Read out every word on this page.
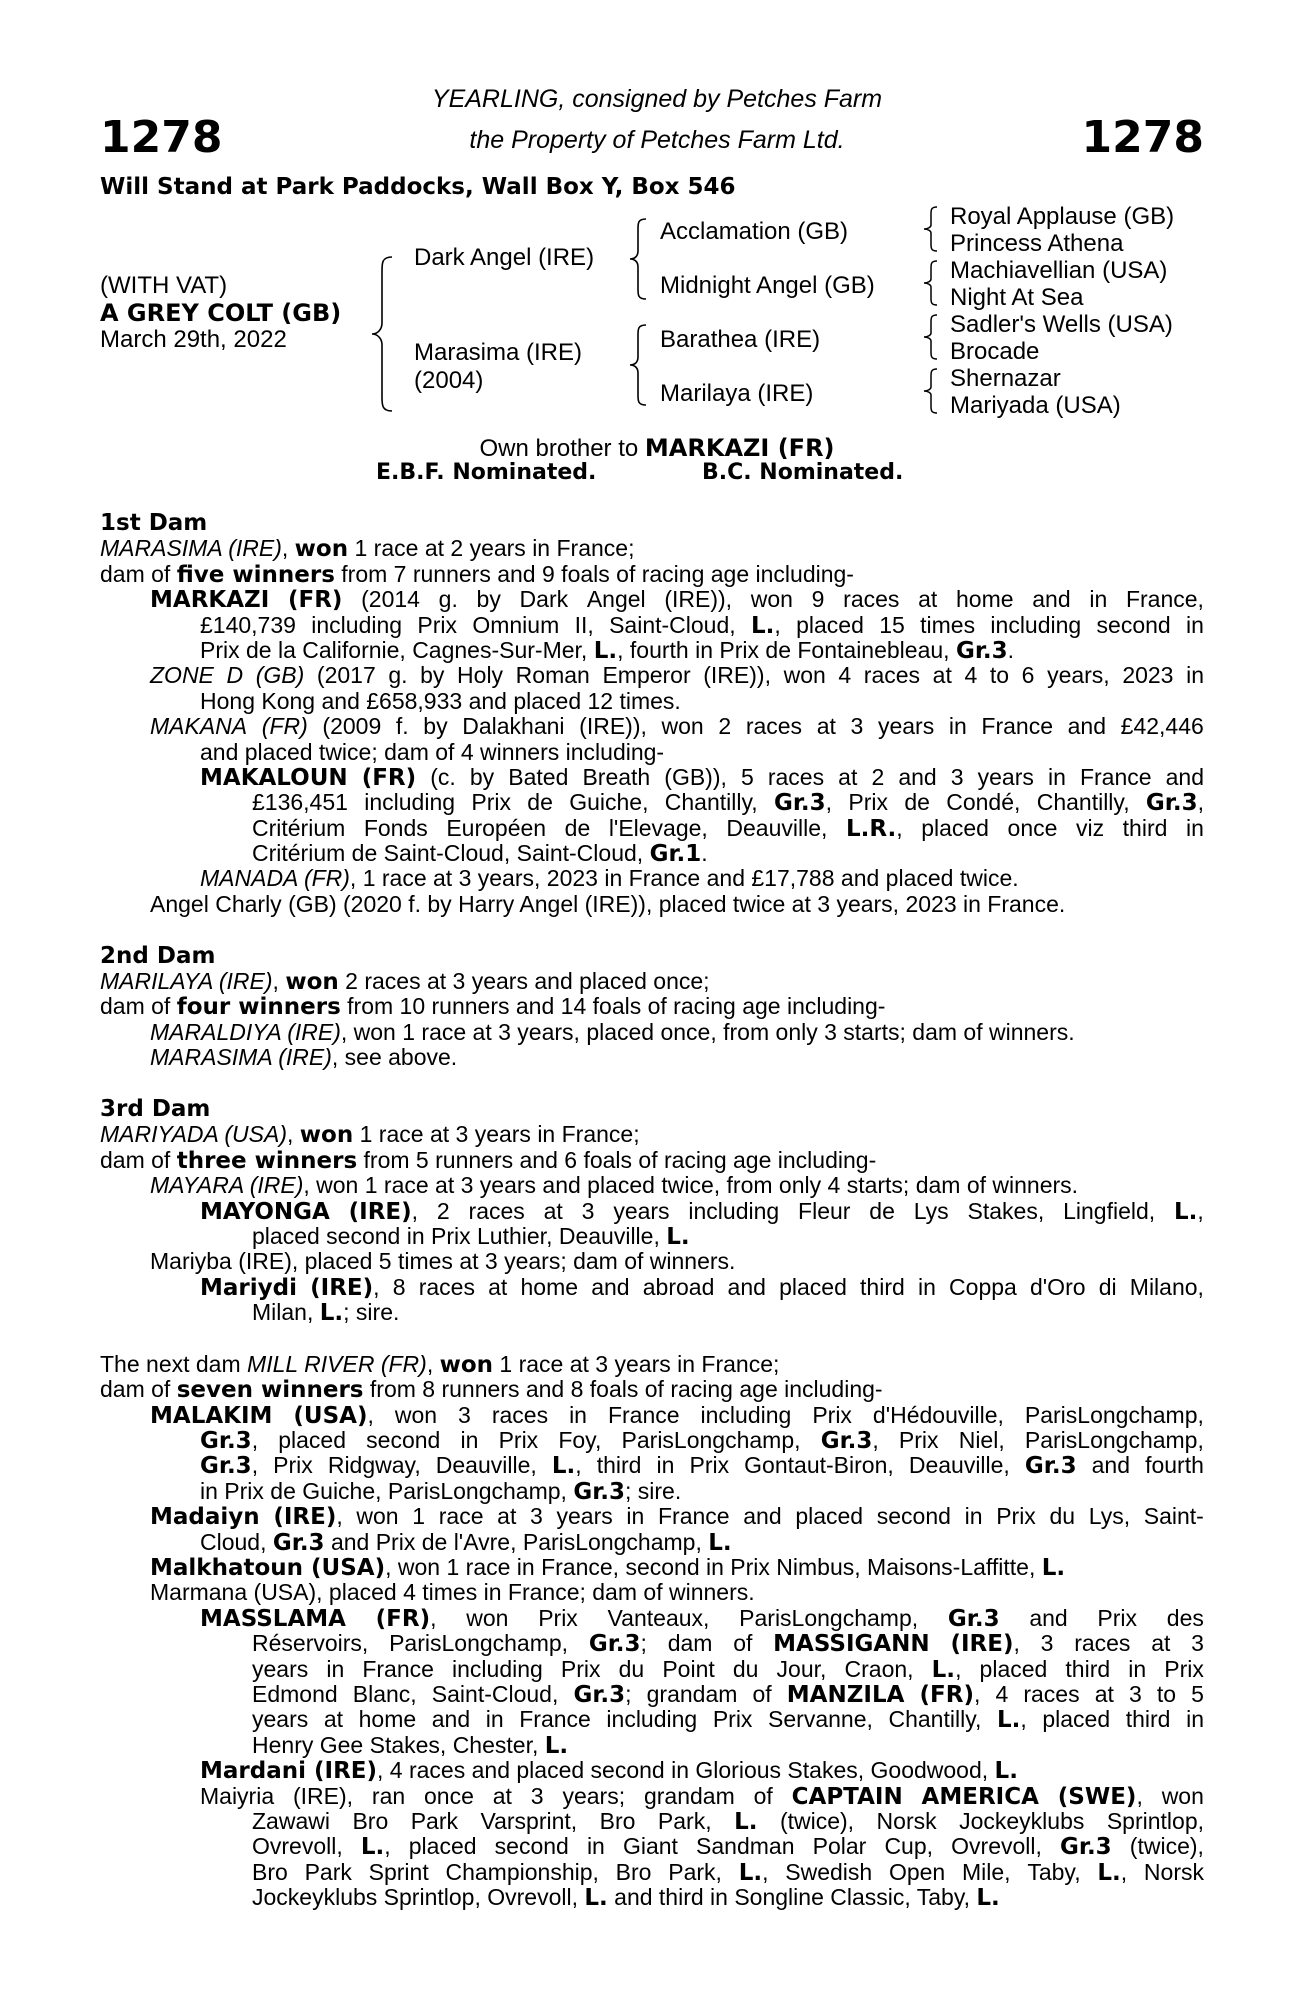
1278	1278
YEARLING, consigned by Petches Farm
the Property of Petches Farm Ltd.
Will Stand at Park Paddocks, Wall Box Y, Box 546
(WITH VAT)
A GREY COLT (GB)
March 29th, 2022
Dark Angel (IRE)
Marasima (IRE)
(2004)
Acclamation (GB)
Midnight Angel (GB)
Barathea (IRE)
Marilaya (IRE)
Royal Applause (GB)
Princess Athena
Machiavellian (USA)
Night At Sea
Sadler's Wells (USA)
Brocade
Shernazar
Mariyada (USA)
Own brother to MARKAZI (FR)
E.B.F. Nominated.	B.C. Nominated.
1st Dam
MARASIMA (IRE), won 1 race at 2 years in France;
dam of five winners from 7 runners and 9 foals of racing age including-
MARKAZI (FR) (2014 g. by Dark Angel (IRE)), won 9 races at home and in France,
£140,739 including Prix Omnium II, Saint-Cloud, L., placed 15 times including second in
Prix de la Californie, Cagnes-Sur-Mer, L., fourth in Prix de Fontainebleau, Gr.3.
ZONE D (GB) (2017 g. by Holy Roman Emperor (IRE)), won 4 races at 4 to 6 years, 2023 in
Hong Kong and £658,933 and placed 12 times.
MAKANA (FR) (2009 f. by Dalakhani (IRE)), won 2 races at 3 years in France and £42,446
and placed twice; dam of 4 winners including-
MAKALOUN (FR) (c. by Bated Breath (GB)), 5 races at 2 and 3 years in France and
£136,451 including Prix de Guiche, Chantilly, Gr.3, Prix de Condé, Chantilly, Gr.3,
Critérium Fonds Européen de l'Elevage, Deauville, L.R., placed once viz third in
Critérium de Saint-Cloud, Saint-Cloud, Gr.1.
MANADA (FR), 1 race at 3 years, 2023 in France and £17,788 and placed twice.
Angel Charly (GB) (2020 f. by Harry Angel (IRE)), placed twice at 3 years, 2023 in France.
2nd Dam
MARILAYA (IRE), won 2 races at 3 years and placed once;
dam of four winners from 10 runners and 14 foals of racing age including-
MARALDIYA (IRE), won 1 race at 3 years, placed once, from only 3 starts; dam of winners.
MARASIMA (IRE), see above.
3rd Dam
MARIYADA (USA), won 1 race at 3 years in France;
dam of three winners from 5 runners and 6 foals of racing age including-
MAYARA (IRE), won 1 race at 3 years and placed twice, from only 4 starts; dam of winners.
MAYONGA (IRE), 2 races at 3 years including Fleur de Lys Stakes, Lingfield, L.,
placed second in Prix Luthier, Deauville, L.
Mariyba (IRE), placed 5 times at 3 years; dam of winners.
Mariydi (IRE), 8 races at home and abroad and placed third in Coppa d'Oro di Milano,
Milan, L.; sire.
The next dam MILL RIVER (FR), won 1 race at 3 years in France;
dam of seven winners from 8 runners and 8 foals of racing age including-
MALAKIM (USA), won 3 races in France including Prix d'Hédouville, ParisLongchamp,
Gr.3, placed second in Prix Foy, ParisLongchamp, Gr.3, Prix Niel, ParisLongchamp,
Gr.3, Prix Ridgway, Deauville, L., third in Prix Gontaut-Biron, Deauville, Gr.3 and fourth
in Prix de Guiche, ParisLongchamp, Gr.3; sire.
Madaiyn (IRE), won 1 race at 3 years in France and placed second in Prix du Lys, Saint-
Cloud, Gr.3 and Prix de l'Avre, ParisLongchamp, L.
Malkhatoun (USA), won 1 race in France, second in Prix Nimbus, Maisons-Laffitte, L.
Marmana (USA), placed 4 times in France; dam of winners.
MASSLAMA (FR), won Prix Vanteaux, ParisLongchamp, Gr.3 and Prix des
Réservoirs, ParisLongchamp, Gr.3; dam of MASSIGANN (IRE), 3 races at 3
years in France including Prix du Point du Jour, Craon, L., placed third in Prix
Edmond Blanc, Saint-Cloud, Gr.3; grandam of MANZILA (FR), 4 races at 3 to 5
years at home and in France including Prix Servanne, Chantilly, L., placed third in
Henry Gee Stakes, Chester, L.
Mardani (IRE), 4 races and placed second in Glorious Stakes, Goodwood, L.
Maiyria (IRE), ran once at 3 years; grandam of CAPTAIN AMERICA (SWE), won
Zawawi Bro Park Varsprint, Bro Park, L. (twice), Norsk Jockeyklubs Sprintlop,
Ovrevoll, L., placed second in Giant Sandman Polar Cup, Ovrevoll, Gr.3 (twice),
Bro Park Sprint Championship, Bro Park, L., Swedish Open Mile, Taby, L., Norsk
Jockeyklubs Sprintlop, Ovrevoll, L. and third in Songline Classic, Taby, L.
